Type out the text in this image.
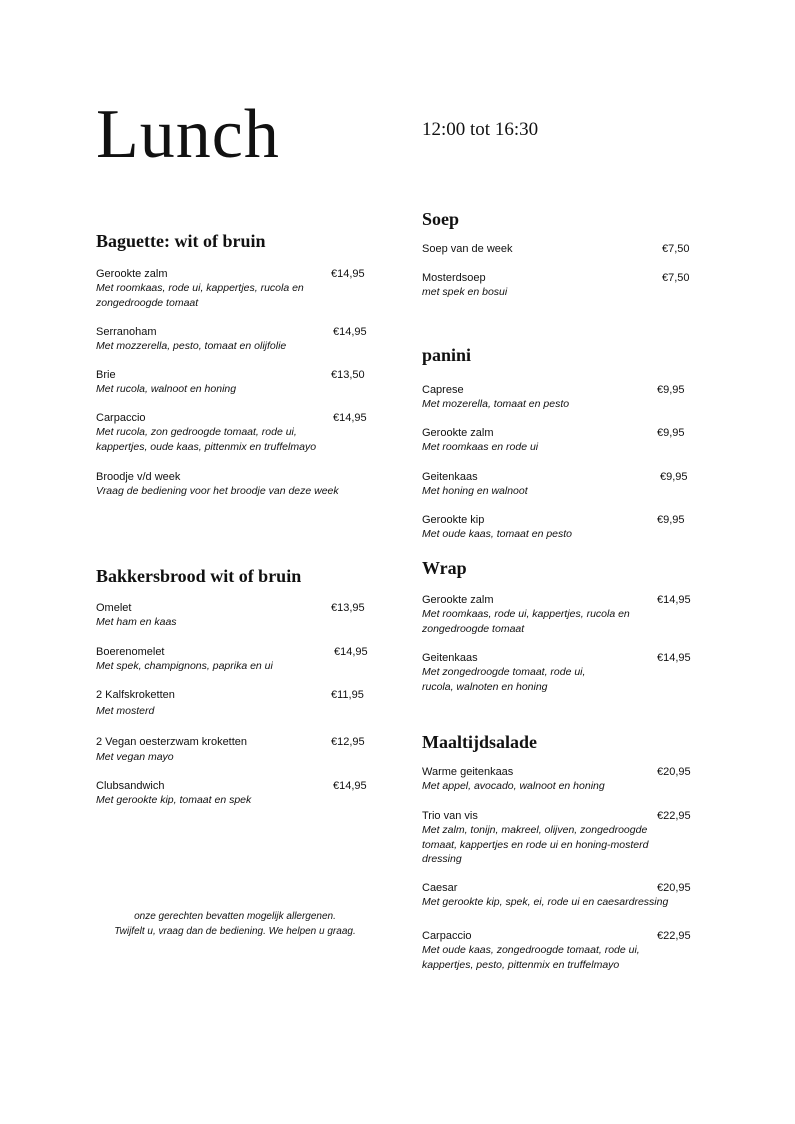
Lunch	12:00 tot 16:30
Baguette: wit of bruin
Gerookte zalm	€14,95
Met roomkaas, rode ui, kappertjes, rucola en zongedroogde tomaat
Serranoham	€14,95
Met mozzerella, pesto, tomaat en olijfolie
Brie	€13,50
Met rucola, walnoot en honing
Carpaccio	€14,95
Met rucola, zon gedroogde tomaat, rode ui, kappertjes, oude kaas, pittenmix en truffelmayo
Broodje v/d week
Vraag de bediening voor het broodje van deze week
Bakkersbrood wit of bruin
Omelet	€13,95
Met ham en kaas
Boerenomelet	€14,95
Met spek, champignons, paprika en ui
2 Kalfskroketten	€11,95
Met mosterd
2 Vegan oesterzwam kroketten	€12,95
Met vegan mayo
Clubsandwich	€14,95
Met gerookte kip, tomaat en spek
onze gerechten bevatten mogelijk allergenen.
Twijfelt u, vraag dan de bediening. We helpen u graag.
Soep
Soep van de week	€7,50
Mosterdsoep	€7,50
met spek en bosui
panini
Caprese	€9,95
Met mozerella, tomaat en pesto
Gerookte zalm	€9,95
Met roomkaas en rode ui
Geitenkaas	€9,95
Met honing en walnoot
Gerookte kip	€9,95
Met oude kaas, tomaat en pesto
Wrap
Gerookte zalm	€14,95
Met roomkaas, rode ui, kappertjes, rucola en zongedroogde tomaat
Geitenkaas	€14,95
Met zongedroogde tomaat, rode ui, rucola, walnoten en honing
Maaltijdsalade
Warme geitenkaas	€20,95
Met appel, avocado, walnoot en honing
Trio van vis	€22,95
Met zalm, tonijn, makreel, olijven, zongedroogde tomaat, kappertjes en rode ui en honing-mosterd dressing
Caesar	€20,95
Met gerookte kip, spek, ei, rode ui en caesardressing
Carpaccio	€22,95
Met oude kaas, zongedroogde tomaat, rode ui, kappertjes, pesto, pittenmix en truffelmayo
